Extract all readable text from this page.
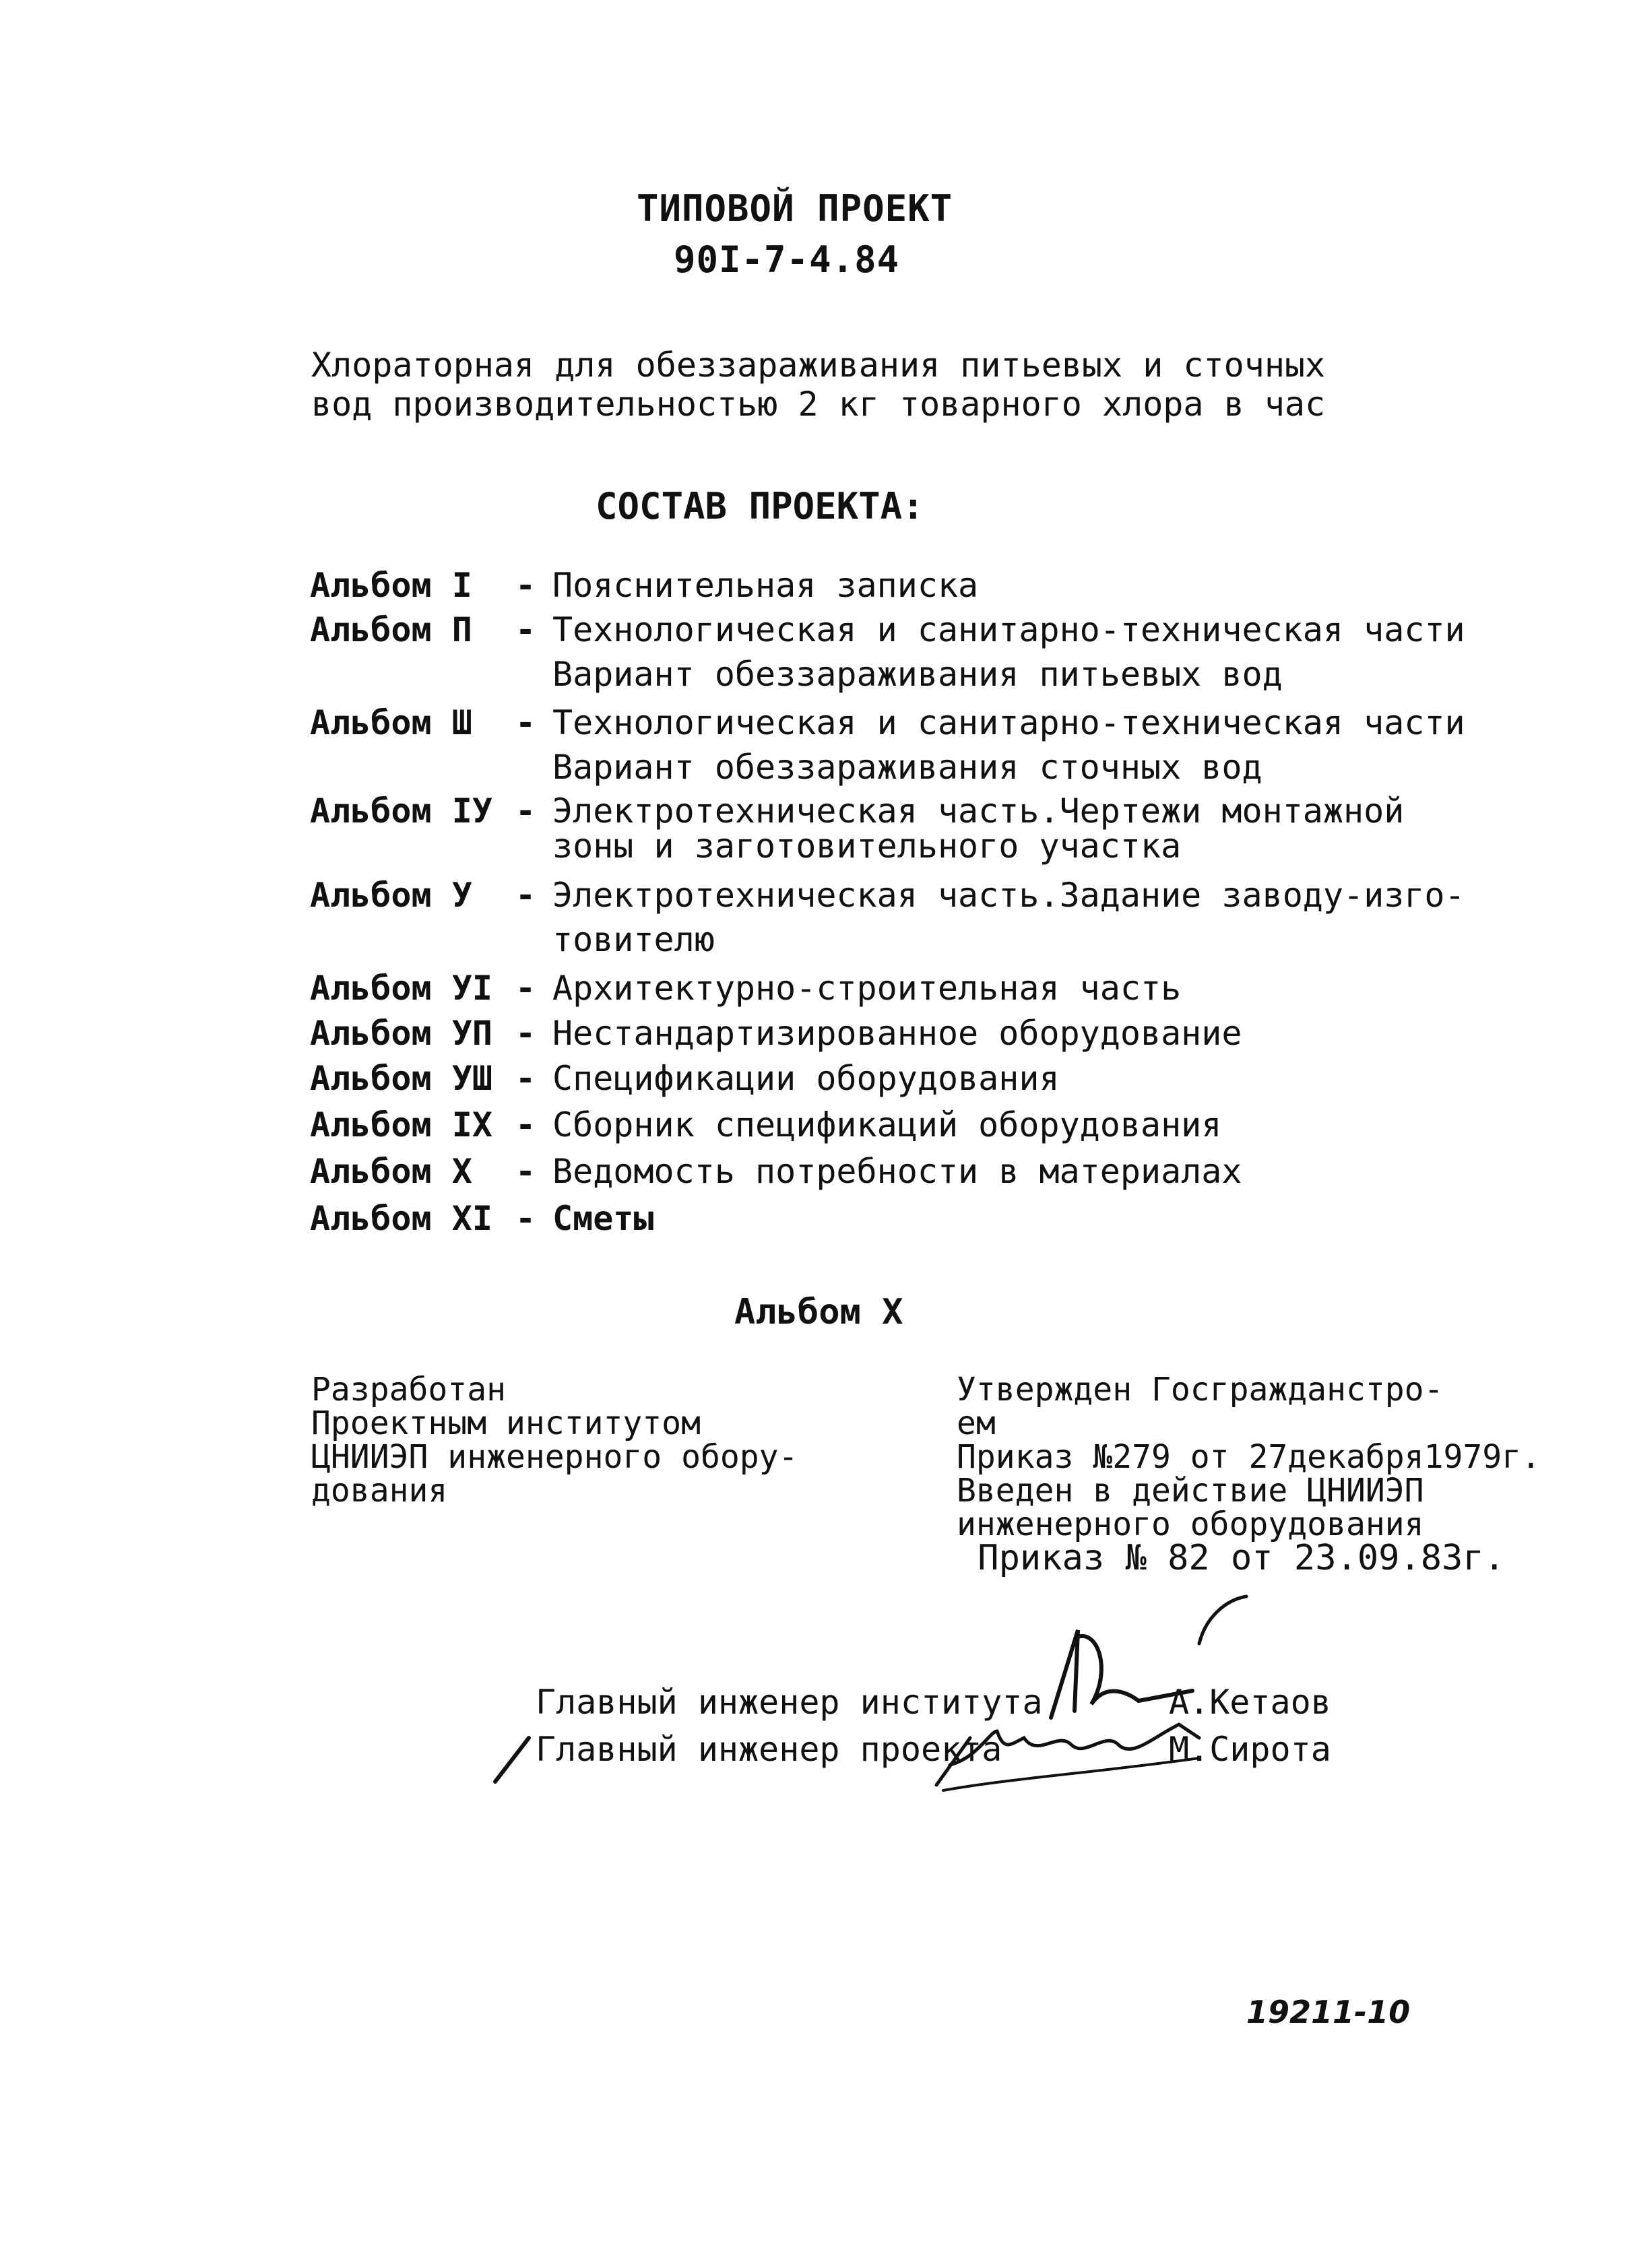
ТИПОВОЙ ПРОЕКТ
90I-7-4.84
Хлораторная для обеззараживания питьевых и сточных
вод производительностью 2 кг товарного хлора в час
СОСТАВ ПРОЕКТА:
Альбом I - Пояснительная записка
Альбом П - Технологическая и санитарно-техническая части
Вариант обеззараживания питьевых вод
Альбом Ш - Технологическая и санитарно-техническая части
Вариант обеззараживания сточных вод
Альбом IУ - Электротехническая часть.Чертежи монтажной
зоны и заготовительного участка
Альбом У - Электротехническая часть.Задание заводу-изго-
товителю
Альбом УI - Архитектурно-строительная часть
Альбом УП - Нестандартизированное оборудование
Альбом УШ - Спецификации оборудования
Альбом IX - Сборник спецификаций оборудования
Альбом X - Ведомость потребности в материалах
Альбом XI - Сметы
Альбом X
Разработан
Проектным институтом
ЦНИИЭП инженерного обору-
дования
Утвержден Госгражданстро-
ем
Приказ №279 от 27декабря1979г.
Введен в действие ЦНИИЭП
инженерного оборудования
Приказ № 82 от 23.09.83г.
Главный инженер института	А.Кетаов
Главный инженер проекта	М.Сирота
19211-10
